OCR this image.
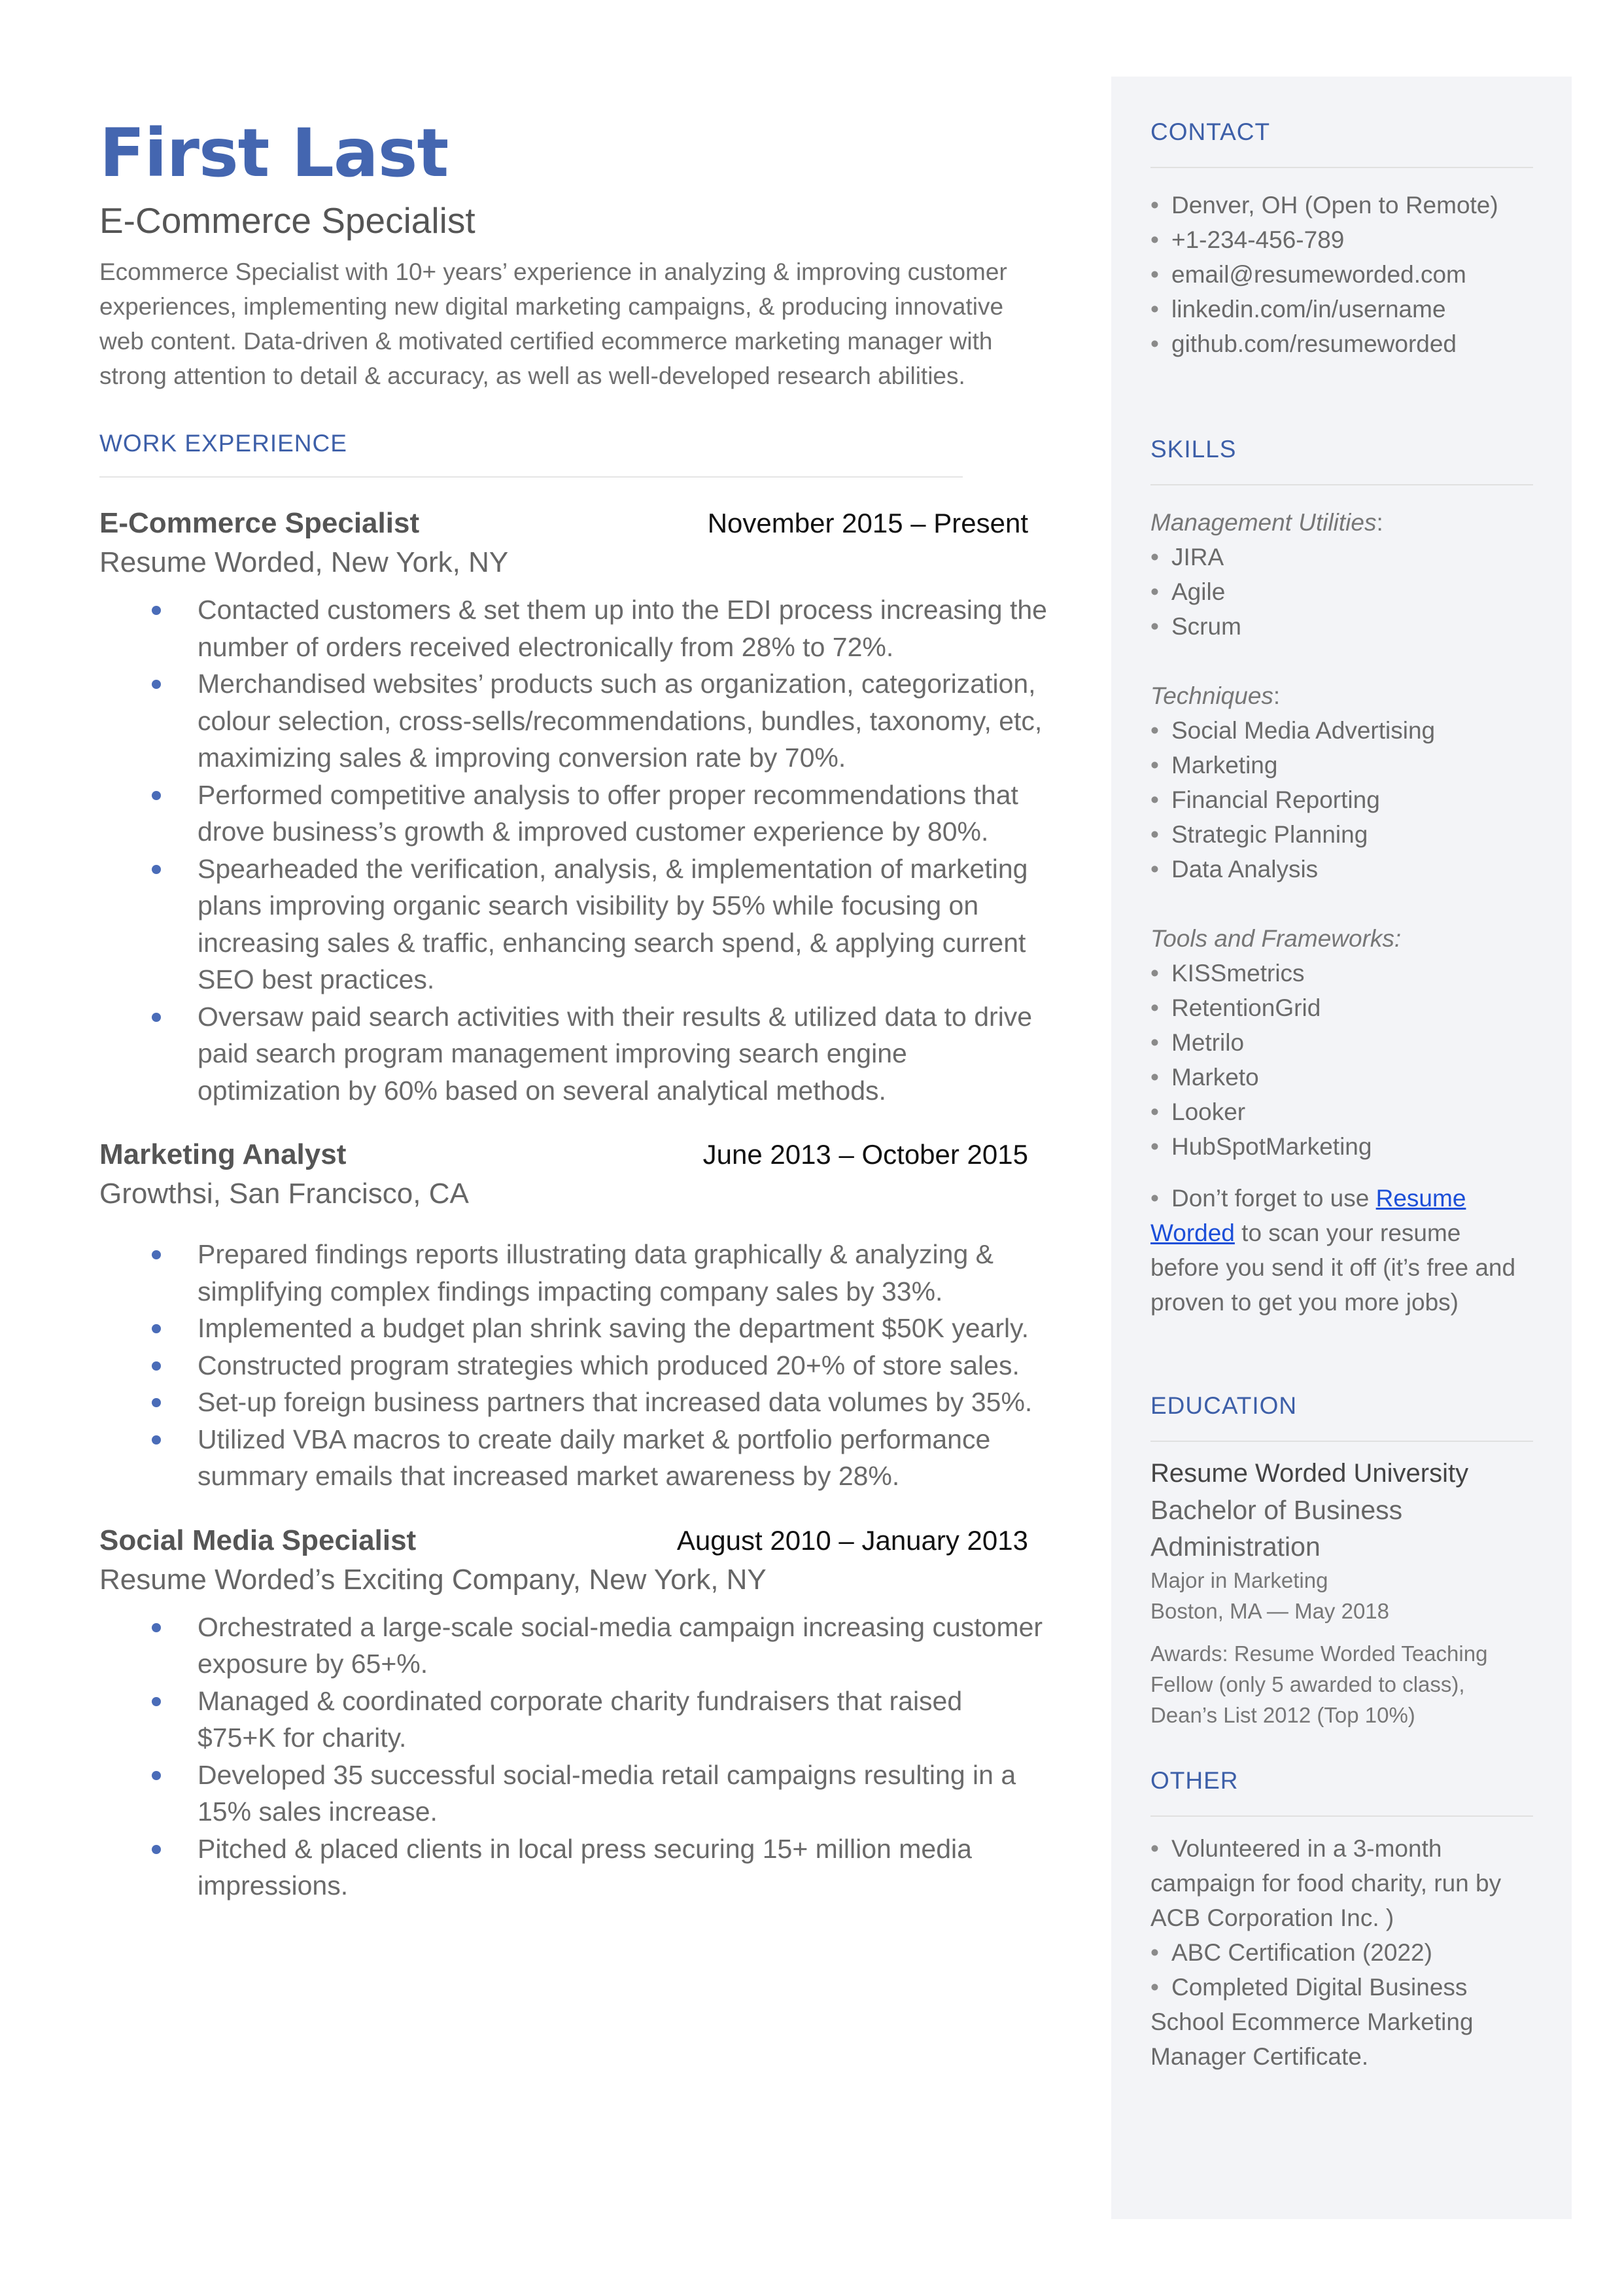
First Last
E-Commerce Specialist
Ecommerce Specialist with 10+ years’ experience in analyzing & improving customer experiences, implementing new digital marketing campaigns, & producing innovative web content. Data-driven & motivated certified ecommerce marketing manager with strong attention to detail & accuracy, as well as well-developed research abilities.
WORK EXPERIENCE
E-Commerce Specialist	November 2015 – Present
Resume Worded, New York, NY
Contacted customers & set them up into the EDI process increasing the number of orders received electronically from 28% to 72%.
Merchandised websites’ products such as organization, categorization, colour selection, cross-sells/recommendations, bundles, taxonomy, etc, maximizing sales & improving conversion rate by 70%.
Performed competitive analysis to offer proper recommendations that drove business’s growth & improved customer experience by 80%.
Spearheaded the verification, analysis, & implementation of marketing plans improving organic search visibility by 55% while focusing on increasing sales & traffic, enhancing search spend, & applying current SEO best practices.
Oversaw paid search activities with their results & utilized data to drive paid search program management improving search engine optimization by 60% based on several analytical methods.
Marketing Analyst	June 2013 – October 2015
Growthsi, San Francisco, CA
Prepared findings reports illustrating data graphically & analyzing & simplifying complex findings impacting company sales by 33%.
Implemented a budget plan shrink saving the department $50K yearly.
Constructed program strategies which produced 20+% of store sales.
Set-up foreign business partners that increased data volumes by 35%.
Utilized VBA macros to create daily market & portfolio performance summary emails that increased market awareness by 28%.
Social Media Specialist	August 2010 – January 2013
Resume Worded’s Exciting Company, New York, NY
Orchestrated a large-scale social-media campaign increasing customer exposure by 65+%.
Managed & coordinated corporate charity fundraisers that raised $75+K for charity.
Developed 35 successful social-media retail campaigns resulting in a 15% sales increase.
Pitched & placed clients in local press securing 15+ million media impressions.
CONTACT
• Denver, OH (Open to Remote)
• +1-234-456-789
• email@resumeworded.com
• linkedin.com/in/username
• github.com/resumeworded
SKILLS
Management Utilities:
• JIRA
• Agile
• Scrum
Techniques:
• Social Media Advertising
• Marketing
• Financial Reporting
• Strategic Planning
• Data Analysis
Tools and Frameworks:
• KISSmetrics
• RetentionGrid
• Metrilo
• Marketo
• Looker
• HubSpotMarketing
• Don’t forget to use Resume Worded to scan your resume before you send it off (it’s free and proven to get you more jobs)
EDUCATION
Resume Worded University
Bachelor of Business Administration
Major in Marketing
Boston, MA — May 2018
Awards: Resume Worded Teaching Fellow (only 5 awarded to class), Dean’s List 2012 (Top 10%)
OTHER
• Volunteered in a 3-month campaign for food charity, run by ACB Corporation Inc. )
• ABC Certification (2022)
• Completed Digital Business School Ecommerce Marketing Manager Certificate.
